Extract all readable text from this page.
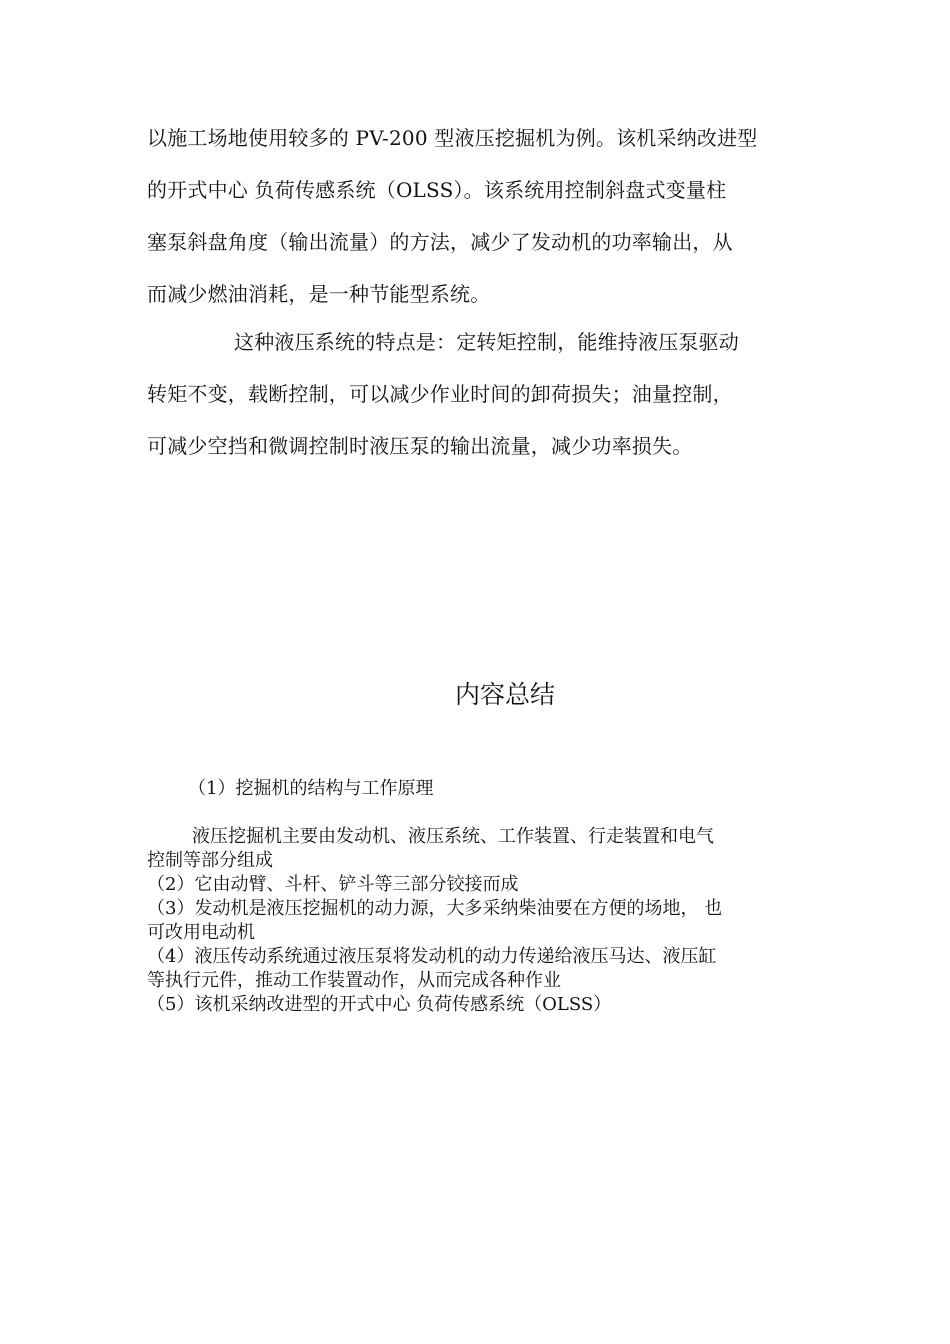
以施工场地使用较多的 PV-200 型液压挖掘机为例。该机采纳改进型
的开式中心 负荷传感系统（OLSS）。该系统用控制斜盘式变量柱
塞泵斜盘角度（输出流量）的方法，减少了发动机的功率输出，从
而减少燃油消耗，是一种节能型系统。
这种液压系统的特点是：定转矩控制，能维持液压泵驱动
转矩不变，载断控制，可以减少作业时间的卸荷损失；油量控制，
可减少空挡和微调控制时液压泵的输出流量，减少功率损失。
内容总结
（1）挖掘机的结构与工作原理
液压挖掘机主要由发动机、液压系统、工作装置、行走装置和电气
控制等部分组成
（2）它由动臂、斗杆、铲斗等三部分铰接而成
（3）发动机是液压挖掘机的动力源，大多采纳柴油要在方便的场地， 也
可改用电动机
（4）液压传动系统通过液压泵将发动机的动力传递给液压马达、液压缸
等执行元件，推动工作装置动作，从而完成各种作业
（5）该机采纳改进型的开式中心 负荷传感系统（OLSS）
